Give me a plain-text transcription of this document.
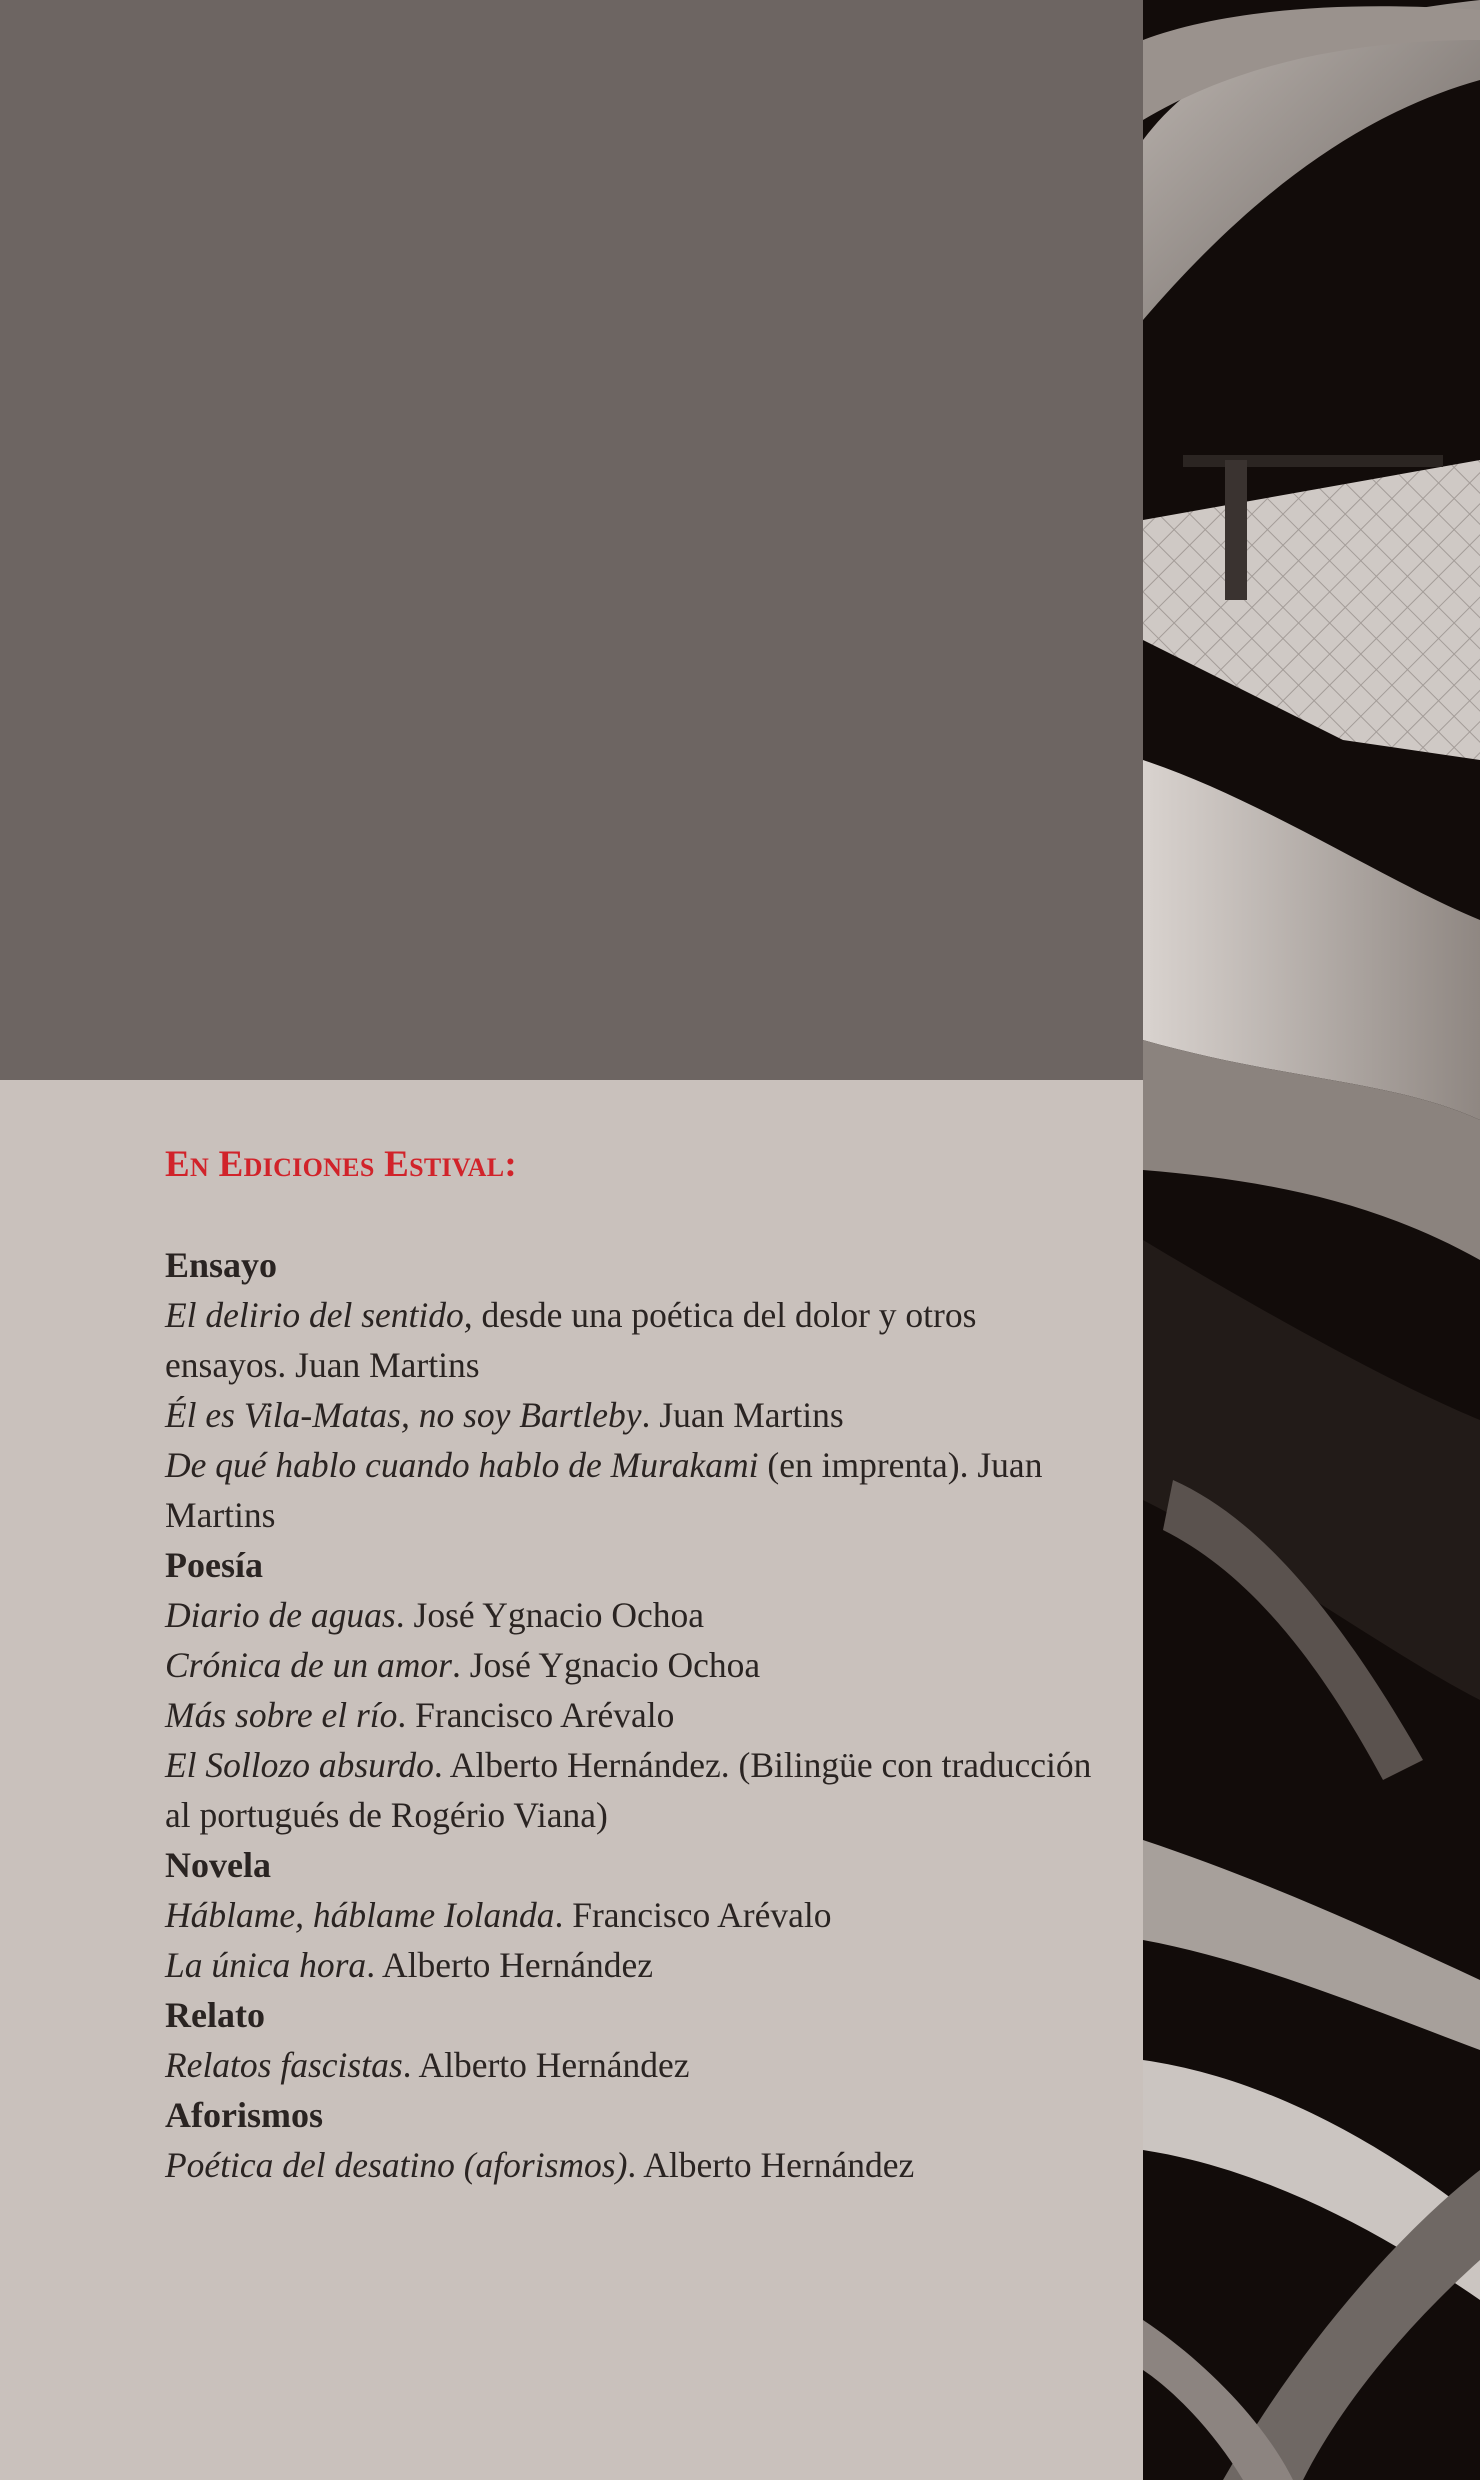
En Ediciones Estival:
Ensayo
El delirio del sentido, desde una poética del dolor y otros ensayos. Juan Martins
Él es Vila-Matas, no soy Bartleby. Juan Martins
De qué hablo cuando hablo de Murakami (en imprenta). Juan Martins
Poesía
Diario de aguas. José Ygnacio Ochoa
Crónica de un amor. José Ygnacio Ochoa
Más sobre el río. Francisco Arévalo
El Sollozo absurdo. Alberto Hernández. (Bilingüe con traducción al portugués de Rogério Viana)
Novela
Háblame, háblame Iolanda. Francisco Arévalo
La única hora. Alberto Hernández
Relato
Relatos fascistas. Alberto Hernández
Aforismos
Poética del desatino (aforismos). Alberto Hernández
